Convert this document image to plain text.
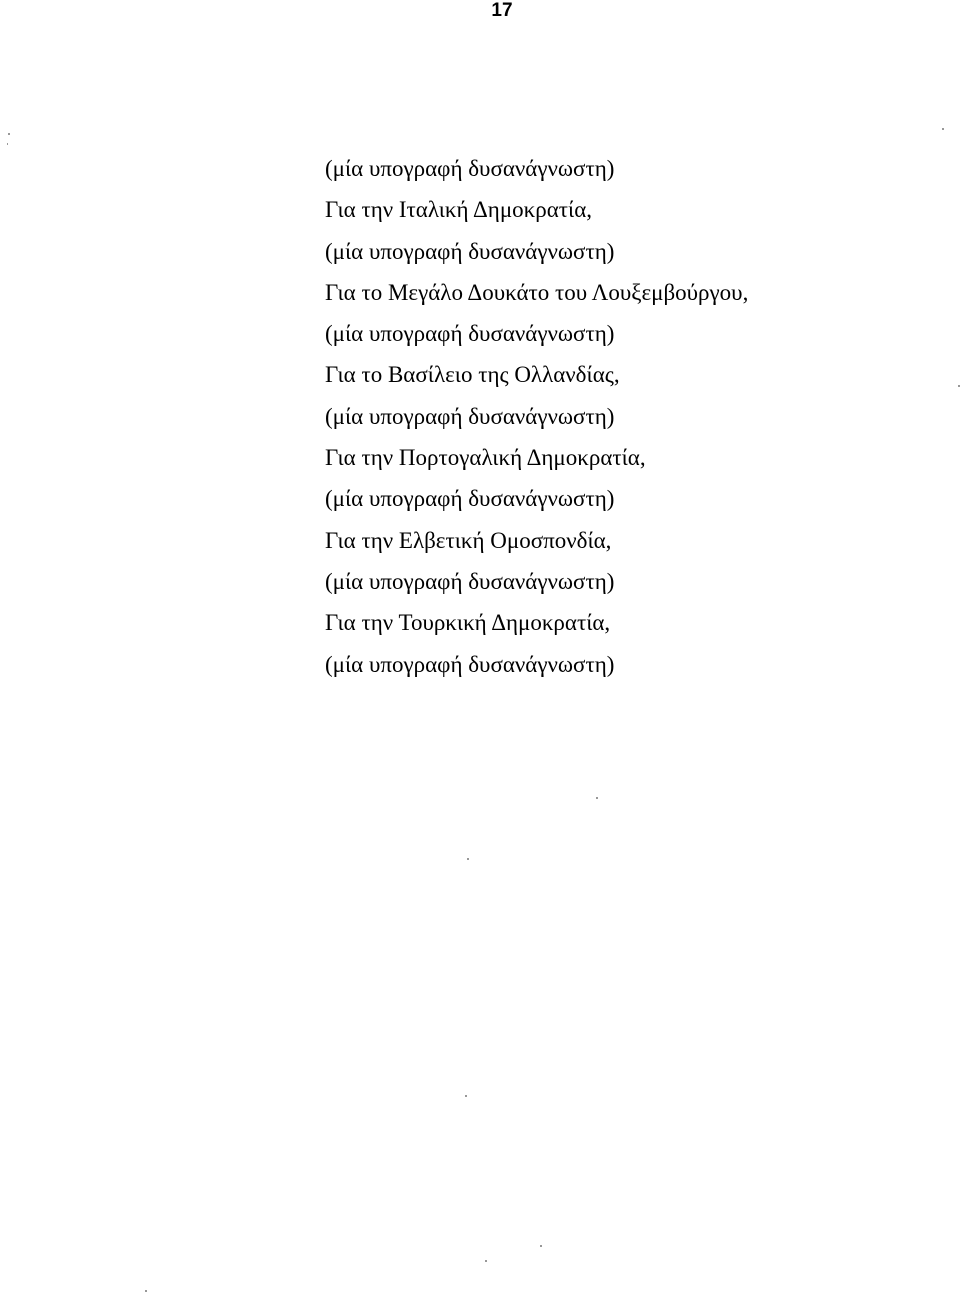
17

(μία υπογραφή δυσανάγνωστη)

Για την Ιταλική Δημοκρατία,

(μία υπογραφή δυσανάγνωστη)

Για το Μεγάλο Δουκάτο του Λουξεμβούργου,

(μία υπογραφή δυσανάγνωστη)

Για το Βασίλειο της Ολλανδίας,

(μία υπογραφή δυσανάγνωστη)

Για την Πορτογαλική Δημοκρατία,

(μία υπογραφή δυσανάγνωστη)

Για την Ελβετική Ομοσπονδία,

(μία υπογραφή δυσανάγνωστη)

Για την Τουρκική Δημοκρατία,

(μία υπογραφή δυσανάγνωστη)
